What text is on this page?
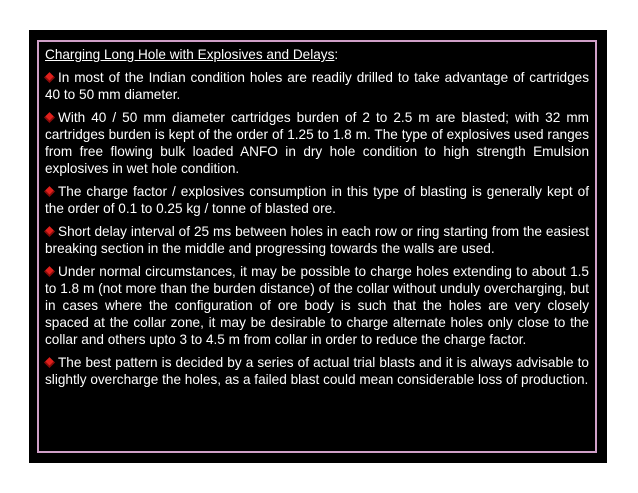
Charging Long Hole with Explosives and Delays:

In most of the Indian condition holes are readily drilled to take advantage of cartridges 40 to 50 mm diameter.

With 40 / 50 mm diameter cartridges burden of 2 to 2.5 m are blasted; with 32 mm cartridges burden is kept of the order of 1.25 to 1.8 m. The type of explosives used ranges from free flowing bulk loaded ANFO in dry hole condition to high strength Emulsion explosives in wet hole condition.

The charge factor / explosives consumption in this type of blasting is generally kept of the order of 0.1 to 0.25 kg / tonne of blasted ore.

Short delay interval of 25 ms between holes in each row or ring starting from the easiest breaking section in the middle and progressing towards the walls are used.

Under normal circumstances, it may be possible to charge holes extending to about 1.5 to 1.8 m (not more than the burden distance) of the collar without unduly overcharging, but in cases where the configuration of ore body is such that the holes are very closely spaced at the collar zone, it may be desirable to charge alternate holes only close to the collar and others upto 3 to 4.5 m from collar in order to reduce the charge factor.

The best pattern is decided by a series of actual trial blasts and it is always advisable to slightly overcharge the holes, as a failed blast could mean considerable loss of production.
